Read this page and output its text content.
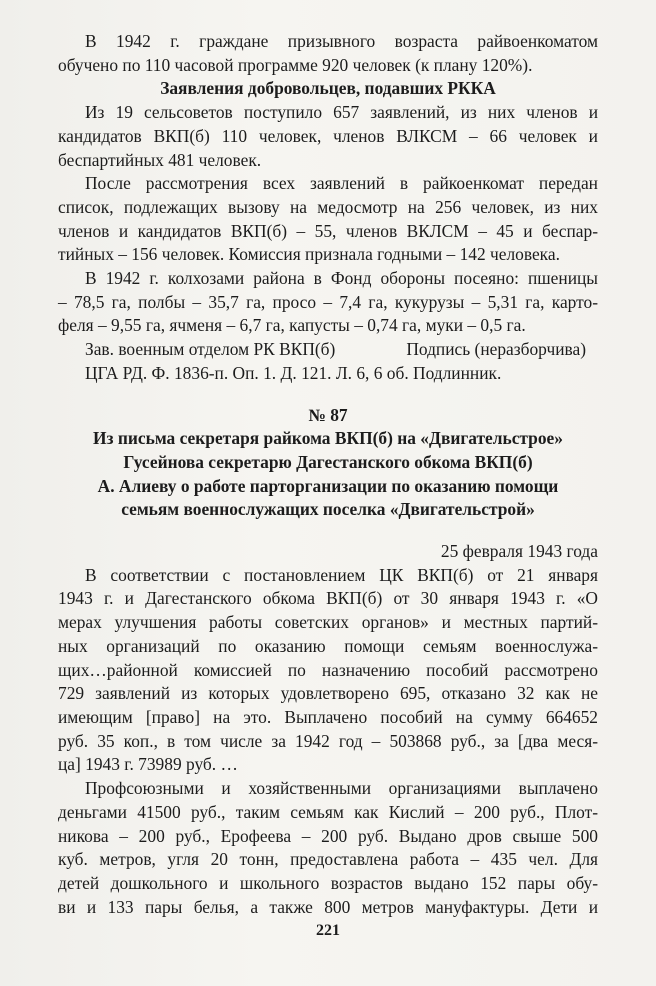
В 1942 г. граждане призывного возраста райвоенкоматом
обучено по 110 часовой программе 920 человек (к плану 120%).
Заявления добровольцев, подавших РККА
Из 19 сельсоветов поступило 657 заявлений, из них членов и
кандидатов ВКП(б) 110 человек, членов ВЛКСМ – 66 человек и
беспартийных 481 человек.
После рассмотрения всех заявлений в райкоенкомат передан
список, подлежащих вызову на медосмотр на 256 человек, из них
членов и кандидатов ВКП(б) – 55, членов ВКЛСМ – 45 и беспар-
тийных – 156 человек. Комиссия признала годными – 142 человека.
В 1942 г. колхозами района в Фонд обороны посеяно: пшеницы
– 78,5 га, полбы – 35,7 га, просо – 7,4 га, кукурузы – 5,31 га, карто-
феля – 9,55 га, ячменя – 6,7 га, капусты – 0,74 га, муки – 0,5 га.
Зав. военным отделом РК ВКП(б)	Подпись (неразборчива)
ЦГА РД. Ф. 1836-п. Оп. 1. Д. 121. Л. 6, 6 об. Подлинник.
№ 87
Из письма секретаря райкома ВКП(б) на «Двигательстрое»
Гусейнова секретарю Дагестанского обкома ВКП(б)
А. Алиеву о работе парторганизации по оказанию помощи
семьям военнослужащих поселка «Двигательстрой»
25 февраля 1943 года
В соответствии с постановлением ЦК ВКП(б) от 21 января
1943 г. и Дагестанского обкома ВКП(б) от 30 января 1943 г. «О
мерах улучшения работы советских органов» и местных партий-
ных организаций по оказанию помощи семьям военнослужа-
щих…районной комиссией по назначению пособий рассмотрено
729 заявлений из которых удовлетворено 695, отказано 32 как не
имеющим [право] на это. Выплачено пособий на сумму 664652
руб. 35 коп., в том числе за 1942 год – 503868 руб., за [два меся-
ца] 1943 г. 73989 руб. …
Профсоюзными и хозяйственными организациями выплачено
деньгами 41500 руб., таким семьям как Кислий – 200 руб., Плот-
никова – 200 руб., Ерофеева – 200 руб. Выдано дров свыше 500
куб. метров, угля 20 тонн, предоставлена работа – 435 чел. Для
детей дошкольного и школьного возрастов выдано 152 пары обу-
ви и 133 пары белья, а также 800 метров мануфактуры. Дети и
221
